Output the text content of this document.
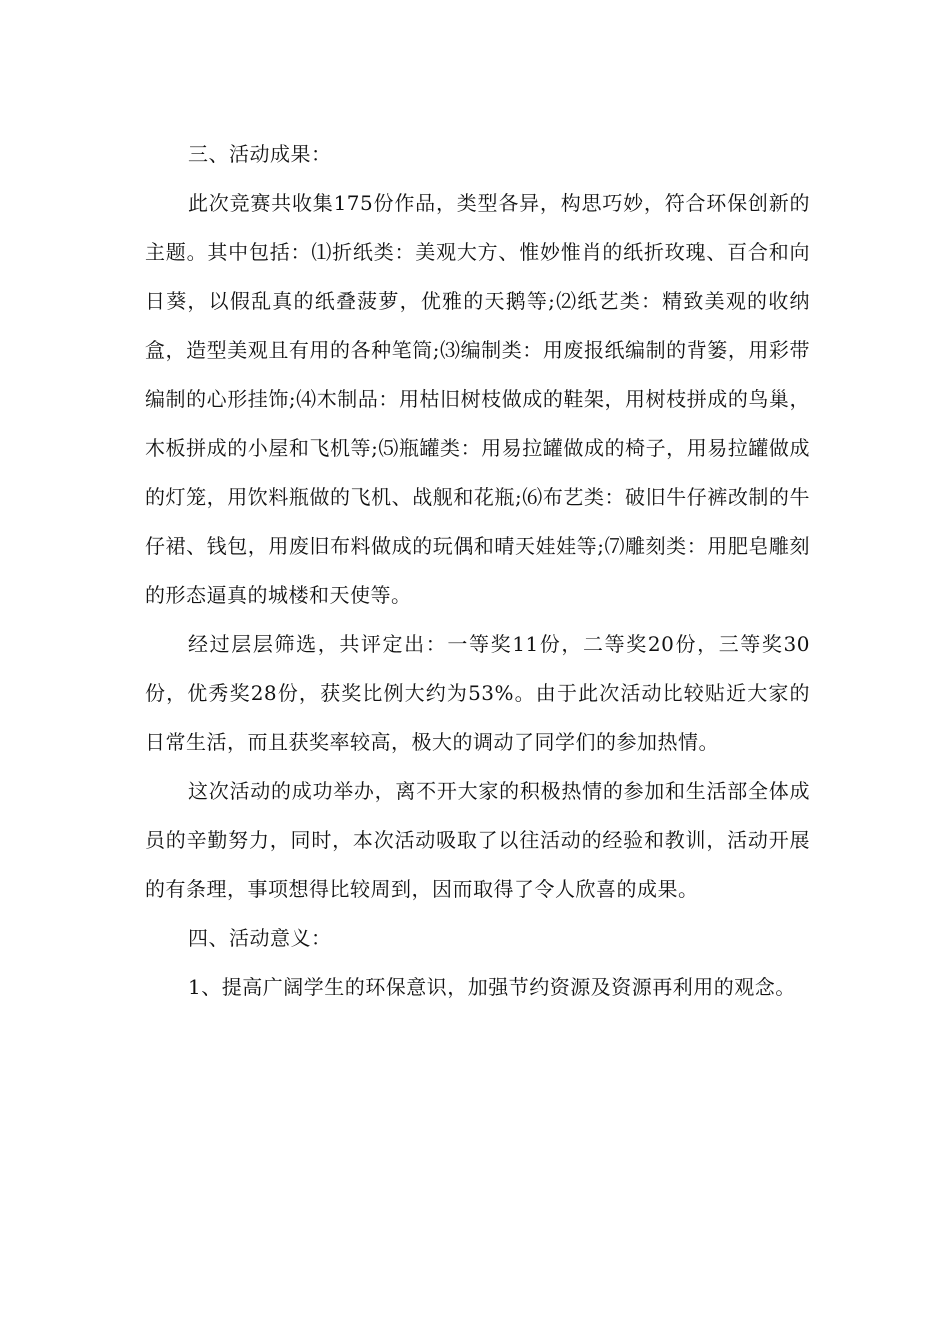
三、活动成果：

此次竞赛共收集175份作品，类型各异，构思巧妙，符合环保创新的主题。其中包括：⑴折纸类：美观大方、惟妙惟肖的纸折玫瑰、百合和向日葵，以假乱真的纸叠菠萝，优雅的天鹅等;⑵纸艺类：精致美观的收纳盒，造型美观且有用的各种笔筒;⑶编制类：用废报纸编制的背篓，用彩带编制的心形挂饰;⑷木制品：用枯旧树枝做成的鞋架，用树枝拼成的鸟巢，木板拼成的小屋和飞机等;⑸瓶罐类：用易拉罐做成的椅子，用易拉罐做成的灯笼，用饮料瓶做的飞机、战舰和花瓶;⑹布艺类：破旧牛仔裤改制的牛仔裙、钱包，用废旧布料做成的玩偶和晴天娃娃等;⑺雕刻类：用肥皂雕刻的形态逼真的城楼和天使等。

经过层层筛选，共评定出：一等奖11份，二等奖20份，三等奖30份，优秀奖28份，获奖比例大约为53%。由于此次活动比较贴近大家的日常生活，而且获奖率较高，极大的调动了同学们的参加热情。

这次活动的成功举办，离不开大家的积极热情的参加和生活部全体成员的辛勤努力，同时，本次活动吸取了以往活动的经验和教训，活动开展的有条理，事项想得比较周到，因而取得了令人欣喜的成果。

四、活动意义：

1、提高广阔学生的环保意识，加强节约资源及资源再利用的观念。
